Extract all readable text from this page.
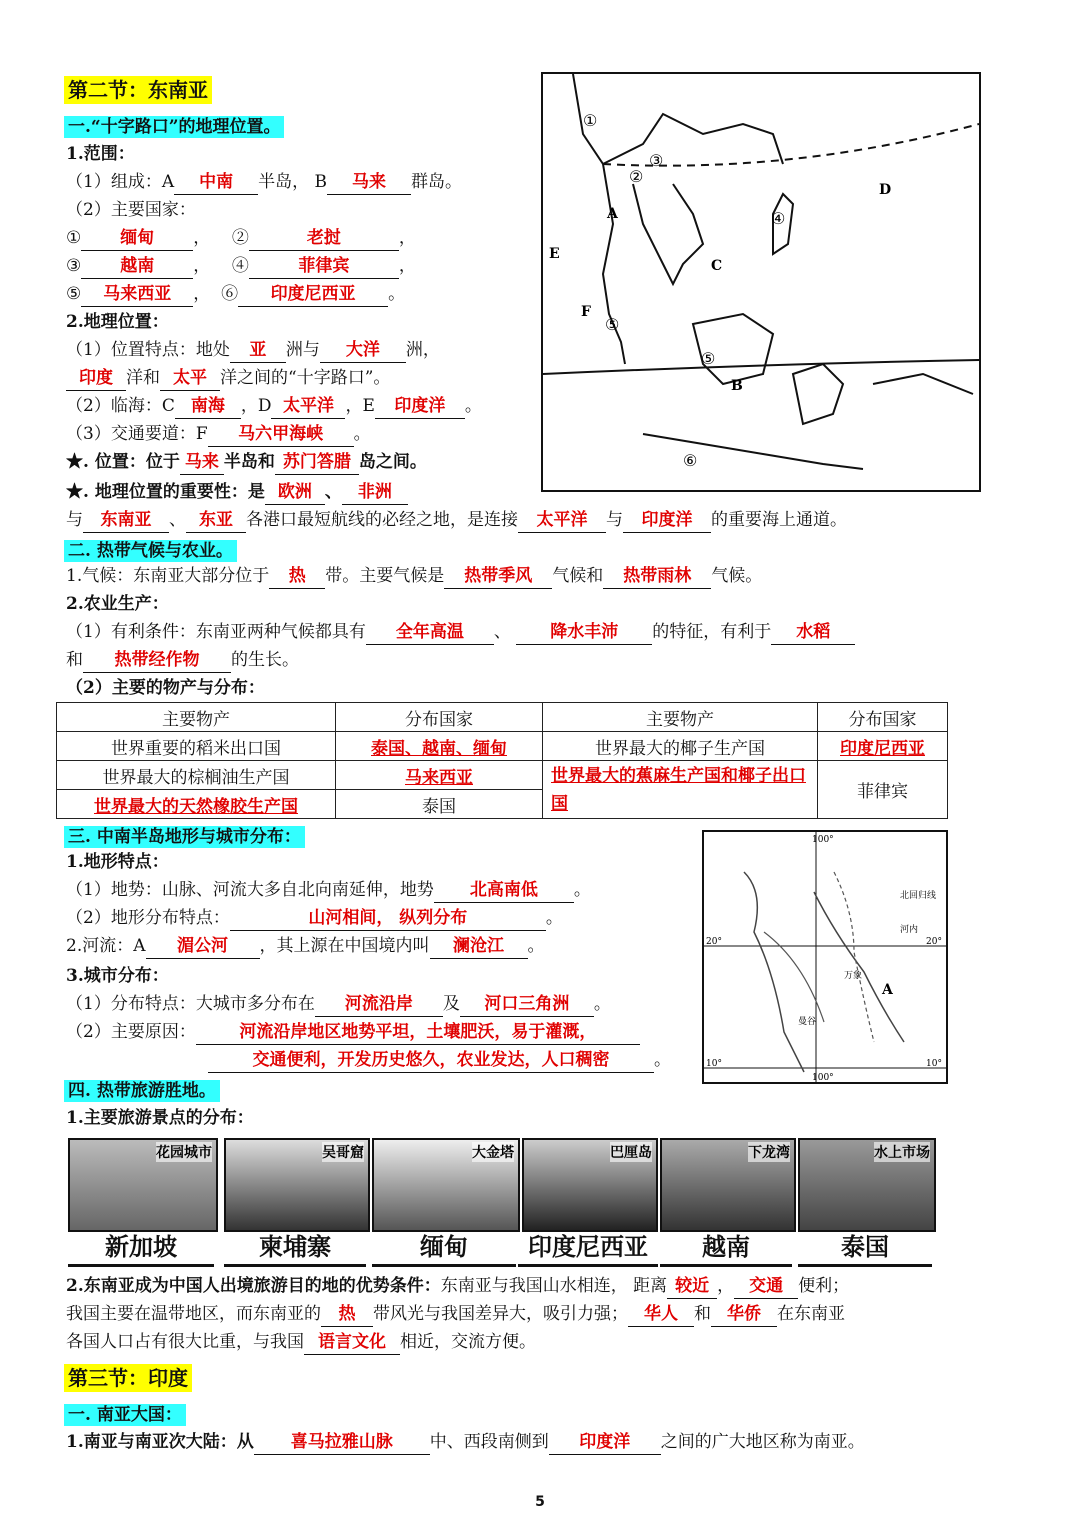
第二节：东南亚
一.“十字路口”的地理位置。
1.范围：
（1）组成：A 中南 半岛， B 马来 群岛。
（2）主要国家：
① 缅甸 ，    ②	老挝	，
③ 越南 ，    ④	菲律宾	，
⑤ 马来西亚 ，  ⑥ 印度尼西亚 。
2.地理位置：
（1）位置特点：地处 亚 洲与 大洋 洲，
印度 洋和 太平 洋之间的“十字路口”。
（2）临海：C 南海 ，D 太平洋 ，E 印度洋 。
（3）交通要道：F 马六甲海峡 。
★. 位置：位于 马来 半岛和 苏门答腊 岛之间。
★. 地理位置的重要性：是 欧洲 、 非洲
与 东南亚 、 东亚 各港口最短航线的必经之地，是连接 太平洋 与 印度洋 的重要海上通道。
①
②
③
④
⑤
⑤
⑥
A
B
C
D
E
F
二. 热带气候与农业。
1.气候：东南亚大部分位于 热 带。主要气候是 热带季风 气候和 热带雨林 气候。
2.农业生产：
（1）有利条件：东南亚两种气候都具有 全年高温 、 降水丰沛 的特征，有利于 水稻
和 热带经作物 的生长。
（2）主要的物产与分布：
主要物产	分布国家	主要物产	分布国家
世界重要的稻米出口国	泰国、越南、缅甸	世界最大的椰子生产国	印度尼西亚
世界最大的棕榈油生产国	马来西亚	世界最大的蕉麻生产国和椰子出口国	菲律宾
世界最大的天然橡胶生产国	泰国		
三. 中南半岛地形与城市分布：
1.地形特点：
（1）地势：山脉、河流大多自北向南延伸，地势 北高南低 。
（2）地形分布特点：	山河相间， 纵列分布	。
2.河流：A 湄公河 ，其上源在中国境内叫 澜沧江 。
3.城市分布：
（1）分布特点：大城市多分布在 河流沿岸 及 河口三角洲 。
（2）主要原因：	河流沿岸地区地势平坦，土壤肥沃，易于灌溉，
交通便利，开发历史悠久，农业发达，人口稠密	。
100°
100°
20°	20°
10°	10°
北回归线
A
曼谷
万象
河内
四. 热带旅游胜地。
1.主要旅游景点的分布：
花园城市	吴哥窟	大金塔	巴厘岛	下龙湾	水上市场
新加坡	柬埔寨	缅甸	印度尼西亚	越南	泰国
2.东南亚成为中国人出境旅游目的地的优势条件：东南亚与我国山水相连， 距离 较近 ， 交通 便利；
我国主要在温带地区，而东南亚的 热 带风光与我国差异大，吸引力强； 华人 和 华侨 在东南亚
各国人口占有很大比重，与我国 语言文化 相近，交流方便。
第三节：印度
一. 南亚大国：
1.南亚与南亚次大陆：从 喜马拉雅山脉 中、西段南侧到 印度洋 之间的广大地区称为南亚。
5
